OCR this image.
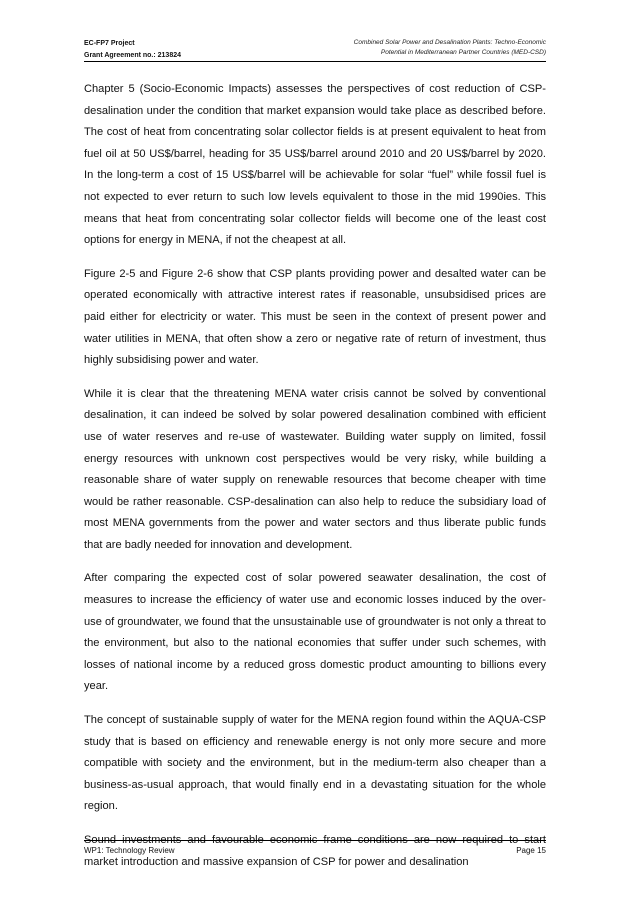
EC-FP7 Project
Grant Agreement no.: 213824
Combined Solar Power and Desalination Plants: Techno-Economic
Potential in Mediterranean Partner Countries (MED-CSD)

Chapter 5 (Socio-Economic Impacts) assesses the perspectives of cost reduction of CSP-desalination under the condition that market expansion would take place as described before. The cost of heat from concentrating solar collector fields is at present equivalent to heat from fuel oil at 50 US$/barrel, heading for 35 US$/barrel around 2010 and 20 US$/barrel by 2020. In the long-term a cost of 15 US$/barrel will be achievable for solar “fuel” while fossil fuel is not expected to ever return to such low levels equivalent to those in the mid 1990ies. This means that heat from concentrating solar collector fields will become one of the least cost options for energy in MENA, if not the cheapest at all.

Figure 2-5 and Figure 2-6 show that CSP plants providing power and desalted water can be operated economically with attractive interest rates if reasonable, unsubsidised prices are paid either for electricity or water. This must be seen in the context of present power and water utilities in MENA, that often show a zero or negative rate of return of investment, thus highly subsidising power and water.

While it is clear that the threatening MENA water crisis cannot be solved by conventional desalination, it can indeed be solved by solar powered desalination combined with efficient use of water reserves and re-use of wastewater. Building water supply on limited, fossil energy resources with unknown cost perspectives would be very risky, while building a reasonable share of water supply on renewable resources that become cheaper with time would be rather reasonable. CSP-desalination can also help to reduce the subsidiary load of most MENA governments from the power and water sectors and thus liberate public funds that are badly needed for innovation and development.

After comparing the expected cost of solar powered seawater desalination, the cost of measures to increase the efficiency of water use and economic losses induced by the over-use of groundwater, we found that the unsustainable use of groundwater is not only a threat to the environment, but also to the national economies that suffer under such schemes, with losses of national income by a reduced gross domestic product amounting to billions every year.

The concept of sustainable supply of water for the MENA region found within the AQUA-CSP study that is based on efficiency and renewable energy is not only more secure and more compatible with society and the environment, but in the medium-term also cheaper than a business-as-usual approach, that would finally end in a devastating situation for the whole region.

Sound investments and favourable economic frame conditions are now required to start market introduction and massive expansion of CSP for power and desalination

WP1: Technology Review	Page 15
